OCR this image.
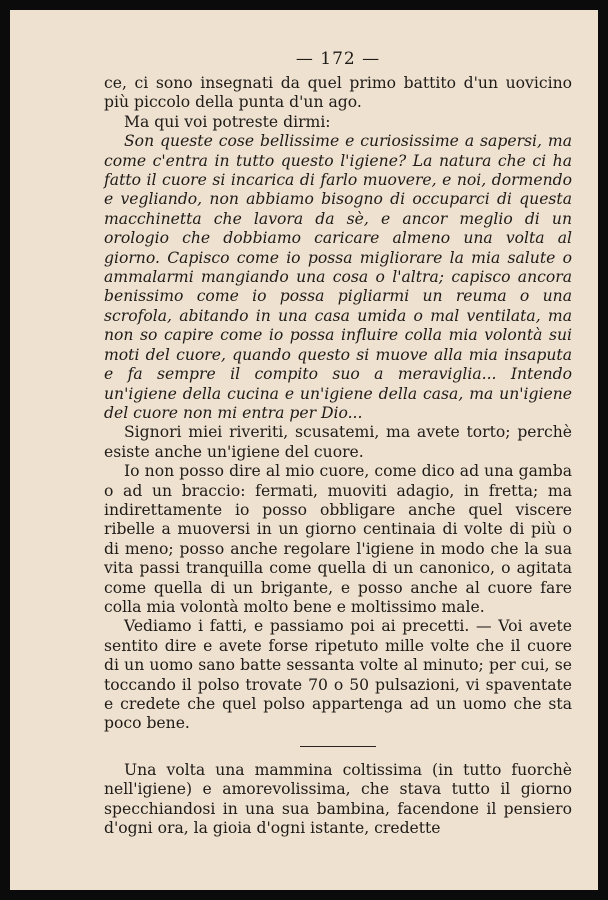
— 172 —

ce, ci sono insegnati da quel primo battito d'un uovicino più piccolo della punta d'un ago.

Ma qui voi potreste dirmi:

Son queste cose bellissime e curiosissime a sapersi, ma come c'entra in tutto questo l'igiene? La natura che ci ha fatto il cuore si incarica di farlo muovere, e noi, dormendo e vegliando, non abbiamo bisogno di occuparci di questa macchinetta che lavora da sè, e ancor meglio di un orologio che dobbiamo caricare almeno una volta al giorno. Capisco come io possa migliorare la mia salute o ammalarmi mangiando una cosa o l'altra; capisco ancora benissimo come io possa pigliarmi un reuma o una scrofola, abitando in una casa umida o mal ventilata, ma non so capire come io possa influire colla mia volontà sui moti del cuore, quando questo si muove alla mia insaputa e fa sempre il compito suo a meraviglia... Intendo un'igiene della cucina e un'igiene della casa, ma un'igiene del cuore non mi entra per Dio...

Signori miei riveriti, scusatemi, ma avete torto; perchè esiste anche un'igiene del cuore.

Io non posso dire al mio cuore, come dico ad una gamba o ad un braccio: fermati, muoviti adagio, in fretta; ma indirettamente io posso obbligare anche quel viscere ribelle a muoversi in un giorno centinaia di volte di più o di meno; posso anche regolare l'igiene in modo che la sua vita passi tranquilla come quella di un canonico, o agitata come quella di un brigante, e posso anche al cuore fare colla mia volontà molto bene e moltissimo male.

Vediamo i fatti, e passiamo poi ai precetti. — Voi avete sentito dire e avete forse ripetuto mille volte che il cuore di un uomo sano batte sessanta volte al minuto; per cui, se toccando il polso trovate 70 o 50 pulsazioni, vi spaventate e credete che quel polso appartenga ad un uomo che sta poco bene.

Una volta una mammina coltissima (in tutto fuorchè nell'igiene) e amorevolissima, che stava tutto il giorno specchiandosi in una sua bambina, facendone il pensiero d'ogni ora, la gioia d'ogni istante, credette
